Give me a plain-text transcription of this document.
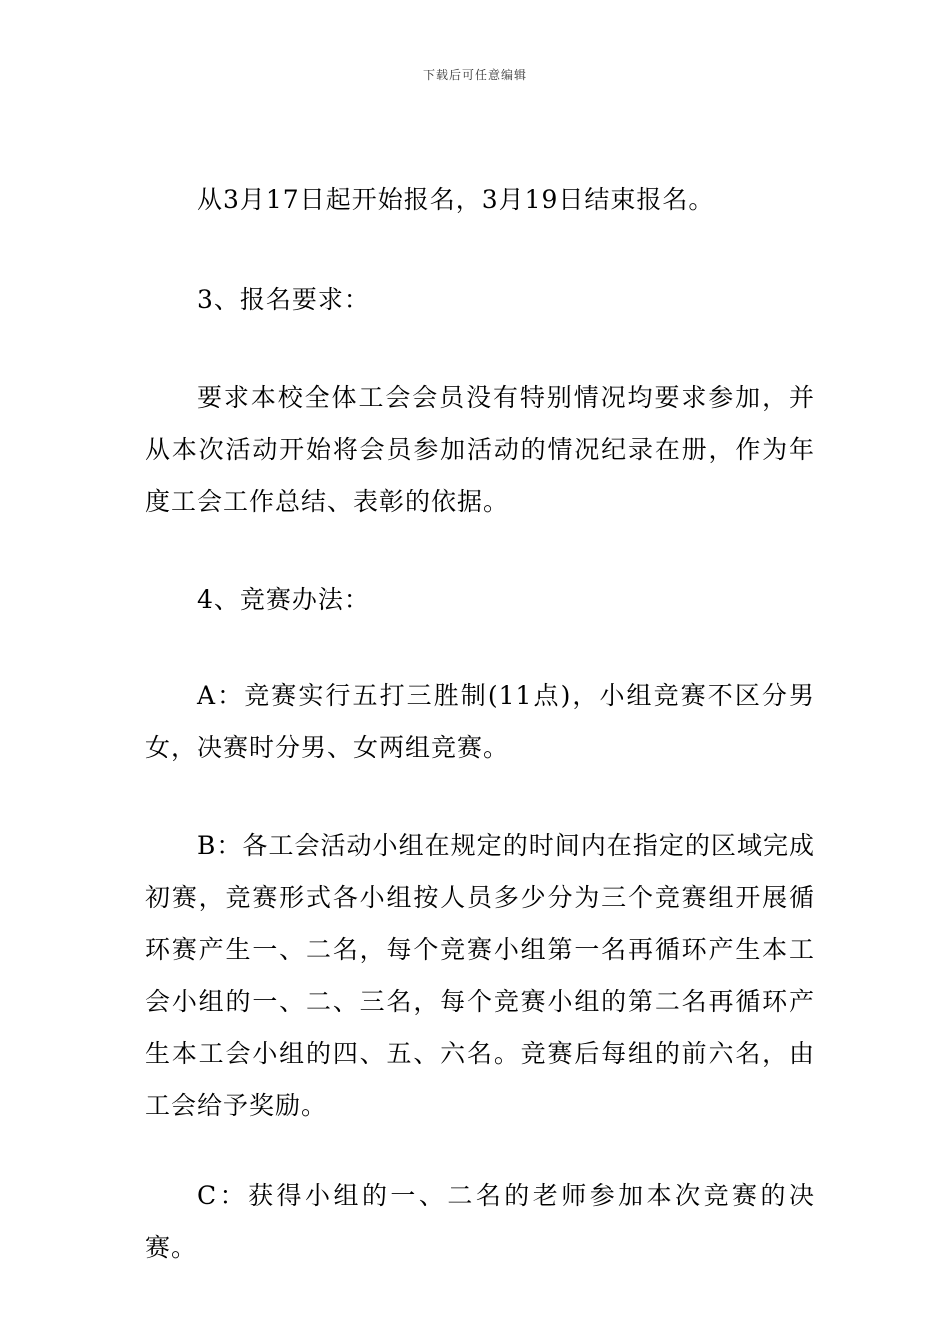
下载后可任意编辑

从3月17日起开始报名，3月19日结束报名。

3、报名要求：

要求本校全体工会会员没有特别情况均要求参加，并从本次活动开始将会员参加活动的情况纪录在册，作为年度工会工作总结、表彰的依据。

4、竞赛办法：

A：竞赛实行五打三胜制(11点)，小组竞赛不区分男女，决赛时分男、女两组竞赛。

B：各工会活动小组在规定的时间内在指定的区域完成初赛，竞赛形式各小组按人员多少分为三个竞赛组开展循环赛产生一、二名，每个竞赛小组第一名再循环产生本工会小组的一、二、三名，每个竞赛小组的第二名再循环产生本工会小组的四、五、六名。竞赛后每组的前六名，由工会给予奖励。

C：获得小组的一、二名的老师参加本次竞赛的决赛。
